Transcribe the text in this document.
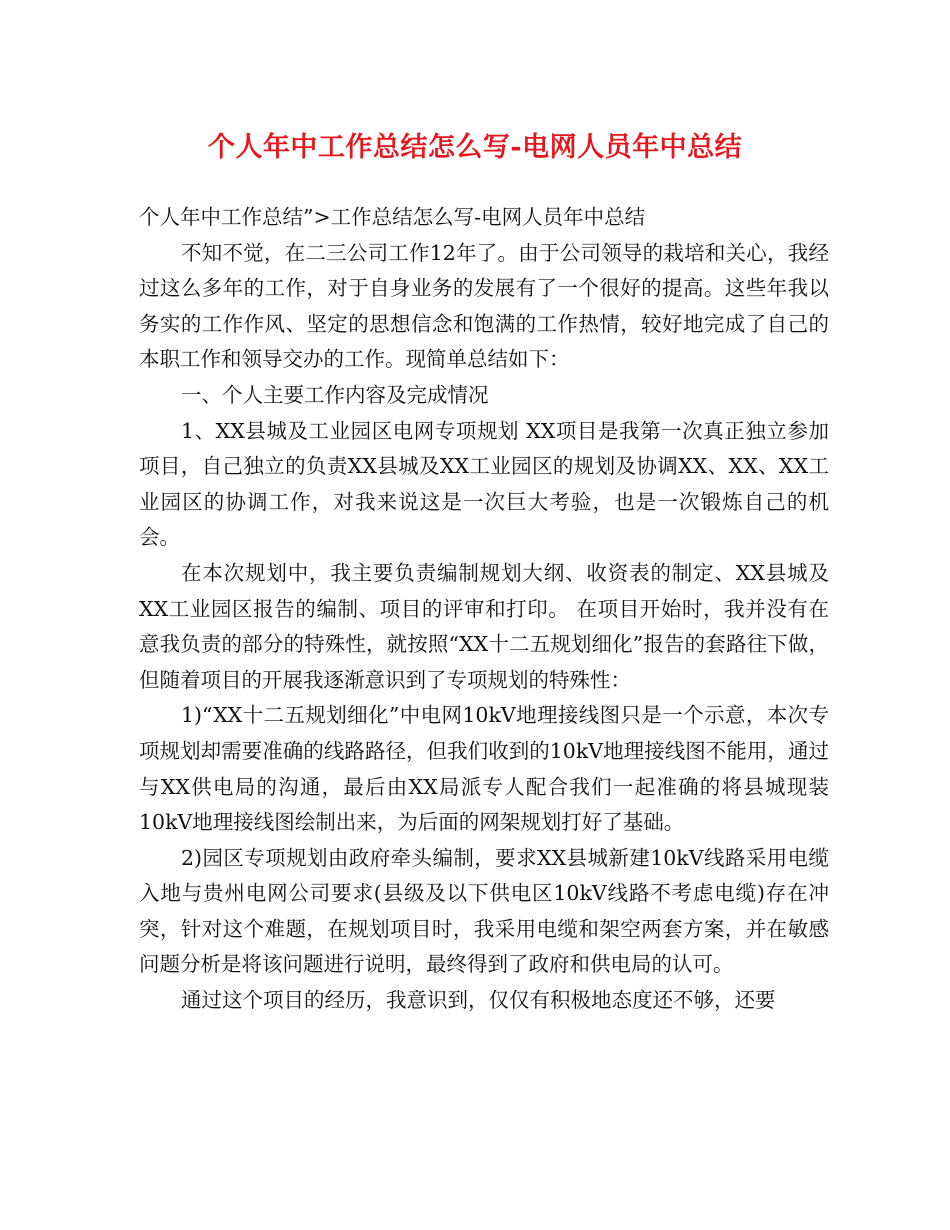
个人年中工作总结怎么写-电网人员年中总结

个人年中工作总结”>工作总结怎么写-电网人员年中总结

不知不觉，在二三公司工作12年了。由于公司领导的栽培和关心，我经过这么多年的工作，对于自身业务的发展有了一个很好的提高。这些年我以务实的工作作风、坚定的思想信念和饱满的工作热情，较好地完成了自己的本职工作和领导交办的工作。现简单总结如下：

一、个人主要工作内容及完成情况

1、XX县城及工业园区电网专项规划 XX项目是我第一次真正独立参加项目，自己独立的负责XX县城及XX工业园区的规划及协调XX、XX、XX工业园区的协调工作，对我来说这是一次巨大考验，也是一次锻炼自己的机会。

在本次规划中，我主要负责编制规划大纲、收资表的制定、XX县城及XX工业园区报告的编制、项目的评审和打印。 在项目开始时，我并没有在意我负责的部分的特殊性，就按照“XX十二五规划细化”报告的套路往下做，但随着项目的开展我逐渐意识到了专项规划的特殊性：

1)“XX十二五规划细化”中电网10kV地理接线图只是一个示意，本次专项规划却需要准确的线路路径，但我们收到的10kV地理接线图不能用，通过与XX供电局的沟通，最后由XX局派专人配合我们一起准确的将县城现装10kV地理接线图绘制出来，为后面的网架规划打好了基础。

2)园区专项规划由政府牵头编制，要求XX县城新建10kV线路采用电缆入地与贵州电网公司要求(县级及以下供电区10kV线路不考虑电缆)存在冲突，针对这个难题，在规划项目时，我采用电缆和架空两套方案，并在敏感问题分析是将该问题进行说明，最终得到了政府和供电局的认可。

通过这个项目的经历，我意识到，仅仅有积极地态度还不够，还要
